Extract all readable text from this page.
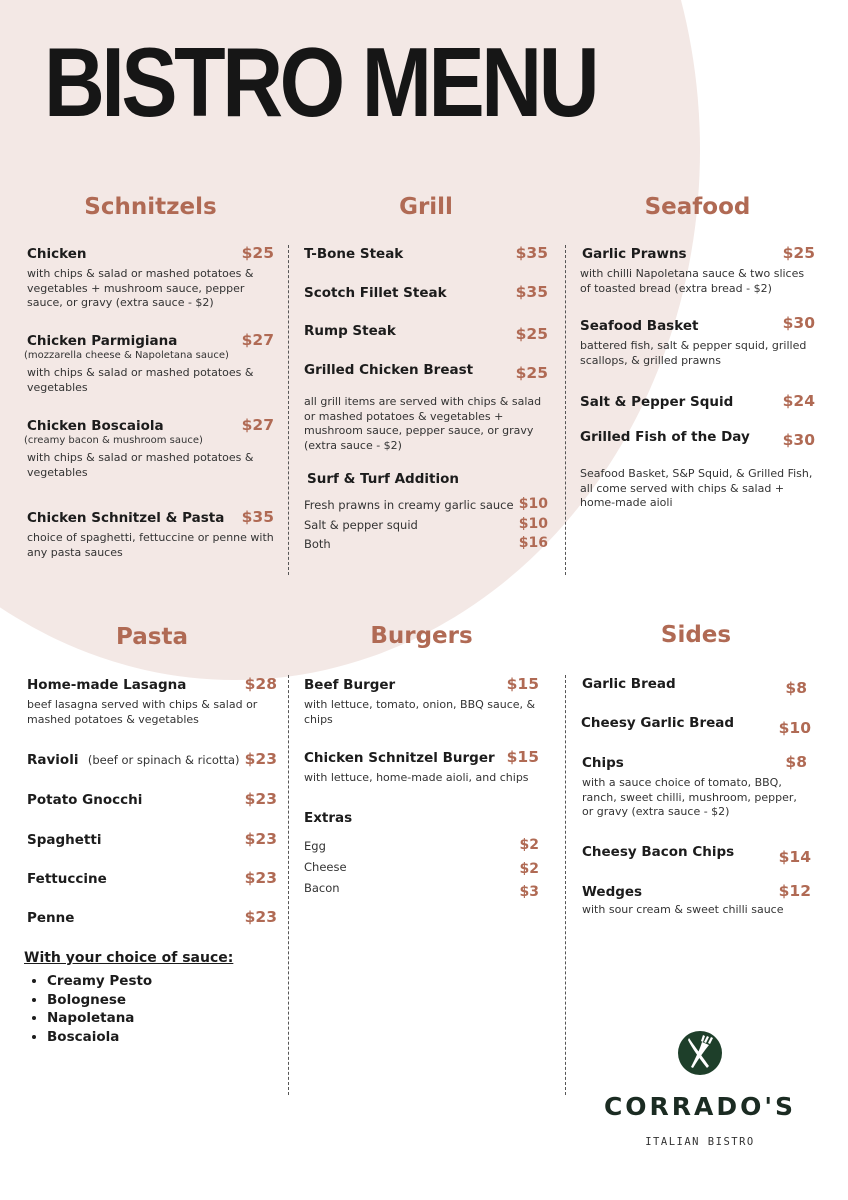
BISTRO MENU
Schnitzels
Chicken	$25
with chips & salad or mashed potatoes & vegetables + mushroom sauce, pepper sauce, or gravy (extra sauce - $2)
Chicken Parmigiana	$27
(mozzarella cheese & Napoletana sauce)
with chips & salad or mashed potatoes & vegetables
Chicken Boscaiola	$27
(creamy bacon & mushroom sauce)
with chips & salad or mashed potatoes & vegetables
Chicken Schnitzel & Pasta	$35
choice of spaghetti, fettuccine or penne with any pasta sauces
Grill
T-Bone Steak	$35
Scotch Fillet Steak	$35
Rump Steak	$25
Grilled Chicken Breast	$25
all grill items are served with chips & salad or mashed potatoes & vegetables + mushroom sauce, pepper sauce, or gravy (extra sauce - $2)
Surf & Turf Addition
Fresh prawns in creamy garlic sauce $10
Salt & pepper squid	$10
Both	$16
Seafood
Garlic Prawns	$25
with chilli Napoletana sauce & two slices of toasted bread (extra bread - $2)
Seafood Basket	$30
battered fish, salt & pepper squid, grilled scallops, & grilled prawns
Salt & Pepper Squid	$24
Grilled Fish of the Day	$30
Seafood Basket, S&P Squid, & Grilled Fish, all come served with chips & salad + home-made aioli
Pasta
Home-made Lasagna	$28
beef lasagna served with chips & salad or mashed potatoes & vegetables
Ravioli (beef or spinach & ricotta) $23
Potato Gnocchi	$23
Spaghetti	$23
Fettuccine	$23
Penne	$23
With your choice of sauce:
• Creamy Pesto
• Bolognese
• Napoletana
• Boscaiola
Burgers
Beef Burger	$15
with lettuce, tomato, onion, BBQ sauce, & chips
Chicken Schnitzel Burger $15
with lettuce, home-made aioli, and chips
Extras
Egg	$2
Cheese	$2
Bacon	$3
Sides
Garlic Bread	$8
Cheesy Garlic Bread	$10
Chips	$8
with a sauce choice of tomato, BBQ, ranch, sweet chilli, mushroom, pepper, or gravy (extra sauce - $2)
Cheesy Bacon Chips	$14
Wedges	$12
with sour cream & sweet chilli sauce
CORRADO'S
ITALIAN BISTRO
